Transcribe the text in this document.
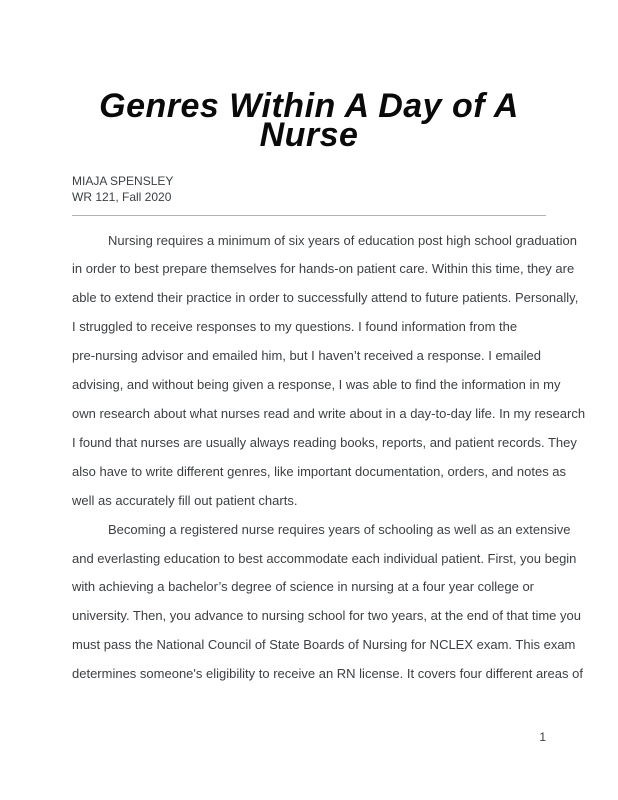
Genres Within A Day of A
Nurse
MIAJA SPENSLEY
WR 121, Fall 2020

Nursing requires a minimum of six years of education post high school graduation
in order to best prepare themselves for hands-on patient care. Within this time, they are
able to extend their practice in order to successfully attend to future patients. Personally,
I struggled to receive responses to my questions. I found information from the
pre-nursing advisor and emailed him, but I haven’t received a response. I emailed
advising, and without being given a response, I was able to find the information in my
own research about what nurses read and write about in a day-to-day life. In my research
I found that nurses are usually always reading books, reports, and patient records. They
also have to write different genres, like important documentation, orders, and notes as
well as accurately fill out patient charts.

Becoming a registered nurse requires years of schooling as well as an extensive
and everlasting education to best accommodate each individual patient. First, you begin
with achieving a bachelor’s degree of science in nursing at a four year college or
university. Then, you advance to nursing school for two years, at the end of that time you
must pass the National Council of State Boards of Nursing for NCLEX exam. This exam
determines someone's eligibility to receive an RN license. It covers four different areas of

1
